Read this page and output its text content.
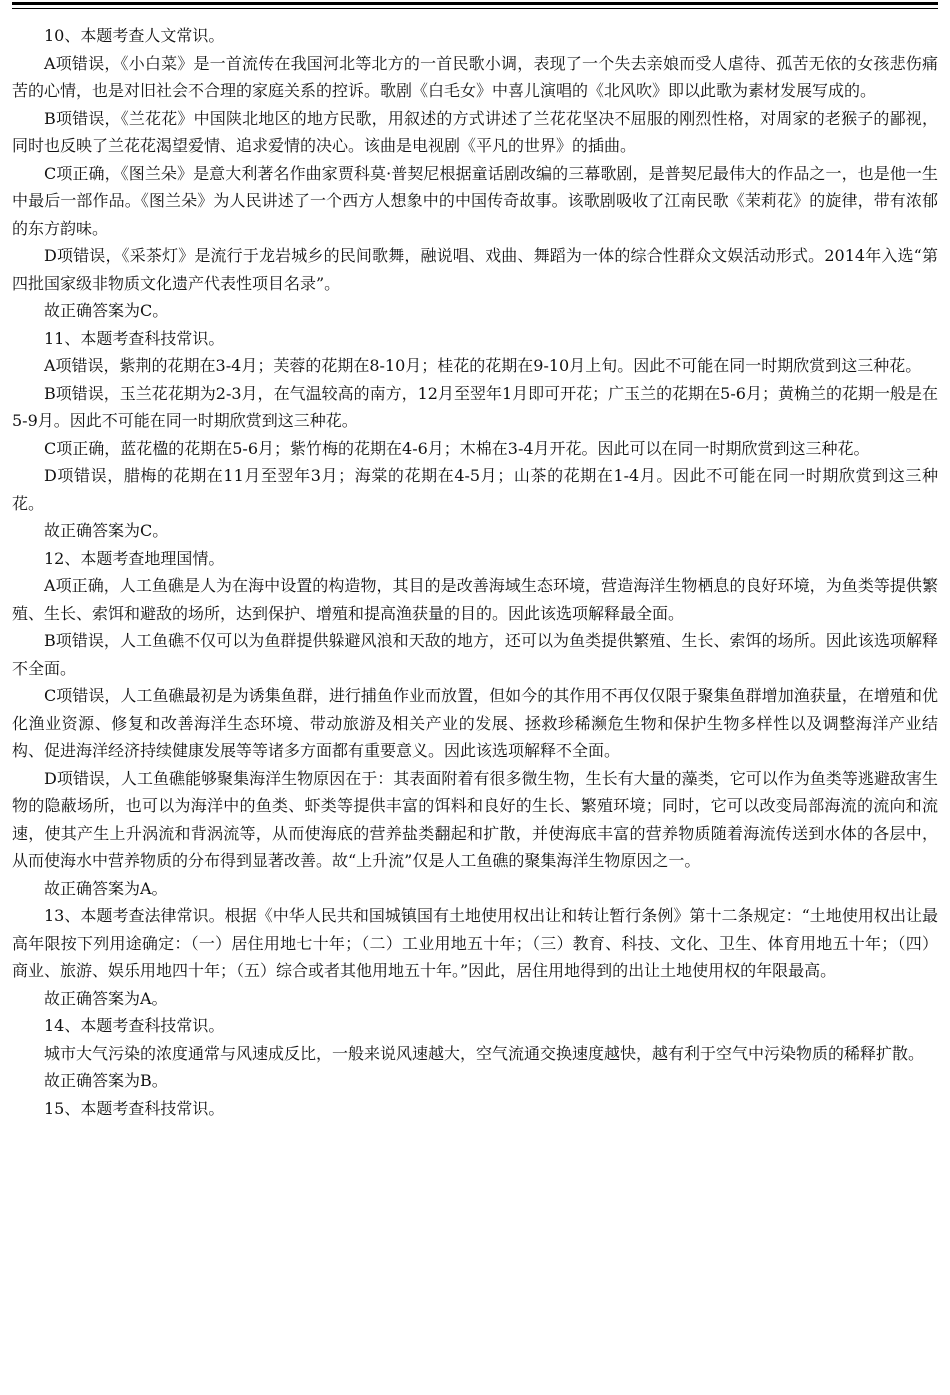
10、本题考查人文常识。

A项错误，《小白菜》是一首流传在我国河北等北方的一首民歌小调，表现了一个失去亲娘而受人虐待、孤苦无依的女孩悲伤痛苦的心情，也是对旧社会不合理的家庭关系的控诉。歌剧《白毛女》中喜儿演唱的《北风吹》即以此歌为素材发展写成的。

B项错误，《兰花花》中国陕北地区的地方民歌，用叙述的方式讲述了兰花花坚决不屈服的刚烈性格，对周家的老猴子的鄙视，同时也反映了兰花花渴望爱情、追求爱情的决心。该曲是电视剧《平凡的世界》的插曲。

C项正确，《图兰朵》是意大利著名作曲家贾科莫·普契尼根据童话剧改编的三幕歌剧，是普契尼最伟大的作品之一，也是他一生中最后一部作品。《图兰朵》为人民讲述了一个西方人想象中的中国传奇故事。该歌剧吸收了江南民歌《茉莉花》的旋律，带有浓郁的东方韵味。

D项错误，《采茶灯》是流行于龙岩城乡的民间歌舞，融说唱、戏曲、舞蹈为一体的综合性群众文娱活动形式。2014年入选“第四批国家级非物质文化遗产代表性项目名录”。

故正确答案为C。

11、本题考查科技常识。

A项错误，紫荆的花期在3-4月；芙蓉的花期在8-10月；桂花的花期在9-10月上旬。因此不可能在同一时期欣赏到这三种花。

B项错误，玉兰花花期为2-3月，在气温较高的南方，12月至翌年1月即可开花；广玉兰的花期在5-6月；黄桷兰的花期一般是在5-9月。因此不可能在同一时期欣赏到这三种花。

C项正确，蓝花楹的花期在5-6月；紫竹梅的花期在4-6月；木棉在3-4月开花。因此可以在同一时期欣赏到这三种花。

D项错误，腊梅的花期在11月至翌年3月；海棠的花期在4-5月；山茶的花期在1-4月。因此不可能在同一时期欣赏到这三种花。

故正确答案为C。

12、本题考查地理国情。

A项正确，人工鱼礁是人为在海中设置的构造物，其目的是改善海域生态环境，营造海洋生物栖息的良好环境，为鱼类等提供繁殖、生长、索饵和避敌的场所，达到保护、增殖和提高渔获量的目的。因此该选项解释最全面。

B项错误，人工鱼礁不仅可以为鱼群提供躲避风浪和天敌的地方，还可以为鱼类提供繁殖、生长、索饵的场所。因此该选项解释不全面。

C项错误，人工鱼礁最初是为诱集鱼群，进行捕鱼作业而放置，但如今的其作用不再仅仅限于聚集鱼群增加渔获量，在增殖和优化渔业资源、修复和改善海洋生态环境、带动旅游及相关产业的发展、拯救珍稀濒危生物和保护生物多样性以及调整海洋产业结构、促进海洋经济持续健康发展等等诸多方面都有重要意义。因此该选项解释不全面。

D项错误，人工鱼礁能够聚集海洋生物原因在于：其表面附着有很多微生物，生长有大量的藻类，它可以作为鱼类等逃避敌害生物的隐蔽场所，也可以为海洋中的鱼类、虾类等提供丰富的饵料和良好的生长、繁殖环境；同时，它可以改变局部海流的流向和流速，使其产生上升涡流和背涡流等，从而使海底的营养盐类翻起和扩散，并使海底丰富的营养物质随着海流传送到水体的各层中，从而使海水中营养物质的分布得到显著改善。故“上升流”仅是人工鱼礁的聚集海洋生物原因之一。

故正确答案为A。

13、本题考查法律常识。根据《中华人民共和国城镇国有土地使用权出让和转让暂行条例》第十二条规定：“土地使用权出让最高年限按下列用途确定：（一）居住用地七十年；（二）工业用地五十年；（三）教育、科技、文化、卫生、体育用地五十年；（四）商业、旅游、娱乐用地四十年；（五）综合或者其他用地五十年。”因此，居住用地得到的出让土地使用权的年限最高。

故正确答案为A。

14、本题考查科技常识。

城市大气污染的浓度通常与风速成反比，一般来说风速越大，空气流通交换速度越快，越有利于空气中污染物质的稀释扩散。

故正确答案为B。

15、本题考查科技常识。
